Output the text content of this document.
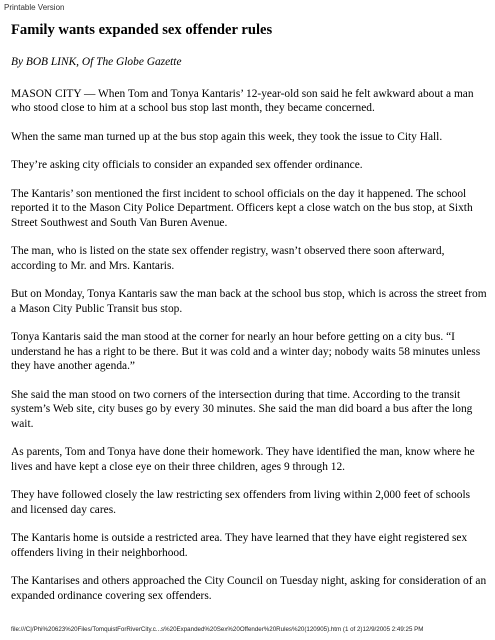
Printable Version
Family wants expanded sex offender rules

By BOB LINK, Of The Globe Gazette

MASON CITY — When Tom and Tonya Kantaris’ 12-year-old son said he felt awkward about a man who stood close to him at a school bus stop last month, they became concerned.

When the same man turned up at the bus stop again this week, they took the issue to City Hall.

They’re asking city officials to consider an expanded sex offender ordinance.

The Kantaris’ son mentioned the first incident to school officials on the day it happened. The school reported it to the Mason City Police Department. Officers kept a close watch on the bus stop, at Sixth Street Southwest and South Van Buren Avenue.

The man, who is listed on the state sex offender registry, wasn’t observed there soon afterward, according to Mr. and Mrs. Kantaris.

But on Monday, Tonya Kantaris saw the man back at the school bus stop, which is across the street from a Mason City Public Transit bus stop.

Tonya Kantaris said the man stood at the corner for nearly an hour before getting on a city bus. “I understand he has a right to be there. But it was cold and a winter day; nobody waits 58 minutes unless they have another agenda.”

She said the man stood on two corners of the intersection during that time. According to the transit system’s Web site, city buses go by every 30 minutes. She said the man did board a bus after the long wait.

As parents, Tom and Tonya have done their homework. They have identified the man, know where he lives and have kept a close eye on their three children, ages 9 through 12.

They have followed closely the law restricting sex offenders from living within 2,000 feet of schools and licensed day cares.

The Kantaris home is outside a restricted area. They have learned that they have eight registered sex offenders living in their neighborhood.

The Kantarises and others approached the City Council on Tuesday night, asking for consideration of an expanded ordinance covering sex offenders.

file:///C|/Phi%20623%20Files/TomquistForRiverCity.c...s%20Expanded%20Sex%20Offender%20Rules%20(120905).htm (1 of 2)12/9/2005 2:49:25 PM
